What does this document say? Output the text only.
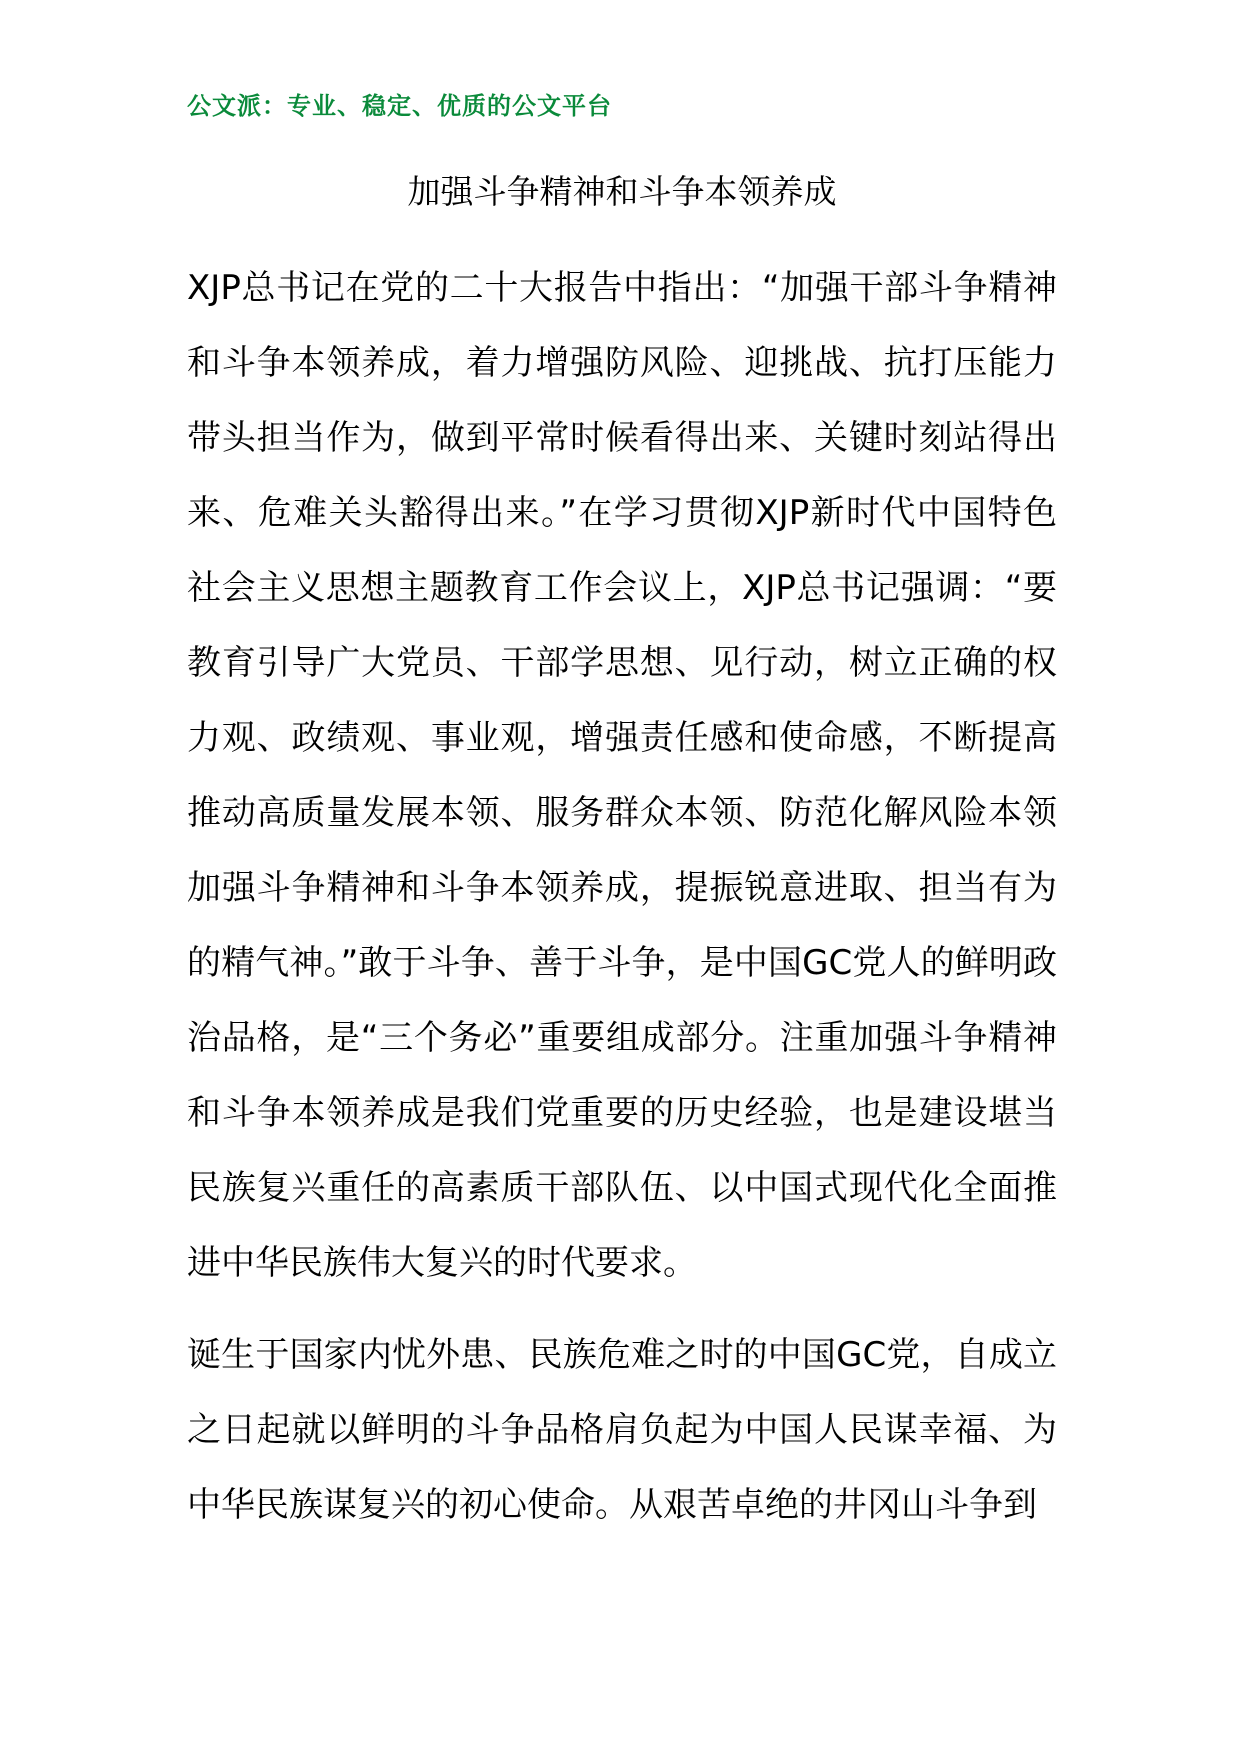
公文派：专业、稳定、优质的公文平台
加强斗争精神和斗争本领养成

XJP总书记在党的二十大报告中指出：“加强干部斗争精神和斗争本领养成，着力增强防风险、迎挑战、抗打压能力带头担当作为，做到平常时候看得出来、关键时刻站得出来、危难关头豁得出来。”在学习贯彻XJP新时代中国特色社会主义思想主题教育工作会议上，XJP总书记强调：“要教育引导广大党员、干部学思想、见行动，树立正确的权力观、政绩观、事业观，增强责任感和使命感，不断提高推动高质量发展本领、服务群众本领、防范化解风险本领加强斗争精神和斗争本领养成，提振锐意进取、担当有为的精气神。”敢于斗争、善于斗争，是中国GC党人的鲜明政治品格，是“三个务必”重要组成部分。注重加强斗争精神和斗争本领养成是我们党重要的历史经验，也是建设堪当民族复兴重任的高素质干部队伍、以中国式现代化全面推进中华民族伟大复兴的时代要求。

诞生于国家内忧外患、民族危难之时的中国GC党，自成立之日起就以鲜明的斗争品格肩负起为中国人民谋幸福、为中华民族谋复兴的初心使命。从艰苦卓绝的井冈山斗争到
